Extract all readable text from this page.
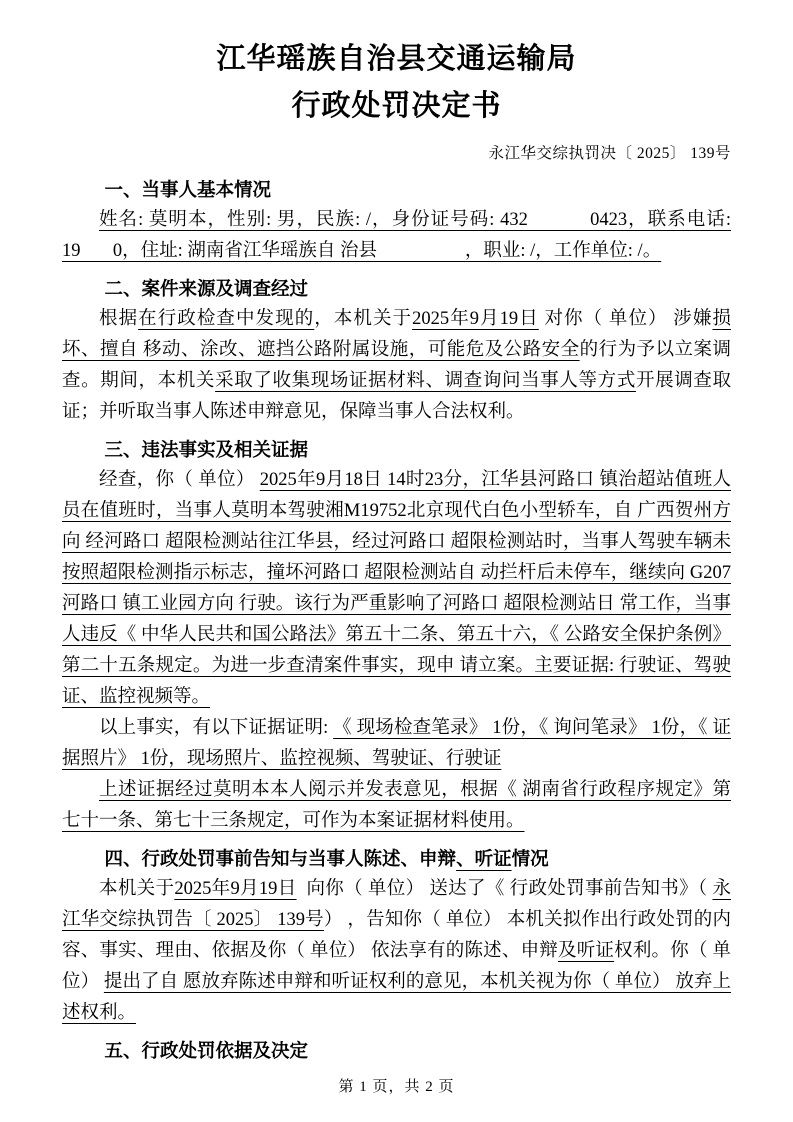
江华瑶族自治县交通运输局
行政处罚决定书
永江华交综执罚决〔 2025〕 139号
一、当事人基本情况

姓名: 莫明本，性别: 男，民族: /，身份证号码: 432           0423，联系电话: 19       0，住址: 湖南省江华瑶族自 治县                   ，职业: /，工作单位: /。

二、案件来源及调查经过

根据在行政检查中发现的，本机关于2025年9月19日 对你（ 单位） 涉嫌损坏、擅自 移动、涂改、遮挡公路附属设施，可能危及公路安全的行为予以立案调查。期间，本机关采取了收集现场证据材料、调查询问当事人等方式开展调查取证；并听取当事人陈述申辩意见，保障当事人合法权利。

三、违法事实及相关证据

经查，你（ 单位） 2025年9月18日 14时23分，江华县河路口 镇治超站值班人员在值班时，当事人莫明本驾驶湘M19752北京现代白色小型轿车，自 广西贺州方向 经河路口 超限检测站往江华县，经过河路口 超限检测站时，当事人驾驶车辆未按照超限检测指示标志，撞坏河路口 超限检测站自 动拦杆后未停车，继续向 G207 河路口 镇工业园方向 行驶。该行为严重影响了河路口 超限检测站日 常工作，当事人违反《 中华人民共和国公路法》第五十二条、第五十六，《 公路安全保护条例》第二十五条规定。为进一步查清案件事实，现申 请立案。主要证据: 行驶证、驾驶证、监控视频等。

以上事实，有以下证据证明: 《 现场检查笔录》 1份，《 询问笔录》 1份，《 证据照片》 1份，现场照片、监控视频、驾驶证、行驶证

上述证据经过莫明本本人阅示并发表意见，根据《 湖南省行政程序规定》第七十一条、第七十三条规定，可作为本案证据材料使用。

四、行政处罚事前告知与当事人陈述、申辩、听证情况

本机关于2025年9月19日  向你（ 单位） 送达了《 行政处罚事前告知书》（ 永江华交综执罚告〔 2025〕 139号） ，告知你（ 单位） 本机关拟作出行政处罚的内容、事实、理由、依据及你（ 单位） 依法享有的陈述、申辩及听证权利。你（ 单位） 提出了自 愿放弃陈述申辩和听证权利的意见，本机关视为你（ 单位） 放弃上述权利。

五、行政处罚依据及决定
第 1 页，共 2 页
